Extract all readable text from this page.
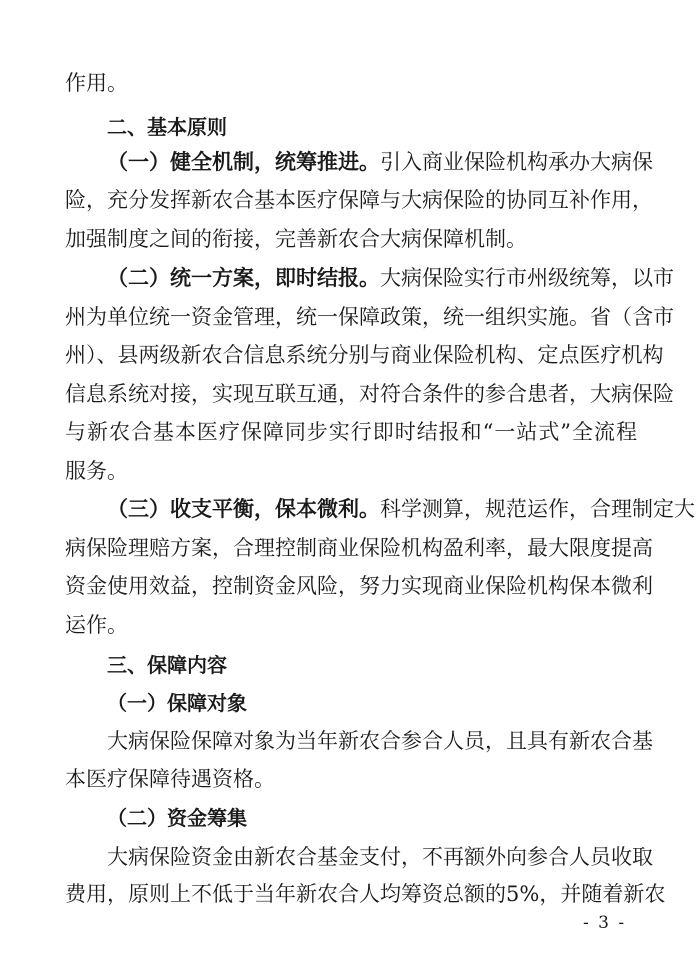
作用。
二、基本原则
（一）健全机制，统筹推进。引入商业保险机构承办大病保
险，充分发挥新农合基本医疗保障与大病保险的协同互补作用，
加强制度之间的衔接，完善新农合大病保障机制。
（二）统一方案，即时结报。大病保险实行市州级统筹，以市
州为单位统一资金管理，统一保障政策，统一组织实施。省（含市
州）、县两级新农合信息系统分别与商业保险机构、定点医疗机构
信息系统对接，实现互联互通，对符合条件的参合患者，大病保险
与新农合基本医疗保障同步实行即时结报和“一站式”全流程
服务。
（三）收支平衡，保本微利。科学测算，规范运作，合理制定大
病保险理赔方案，合理控制商业保险机构盈利率，最大限度提高
资金使用效益，控制资金风险，努力实现商业保险机构保本微利
运作。
三、保障内容
（一）保障对象
大病保险保障对象为当年新农合参合人员，且具有新农合基
本医疗保障待遇资格。
（二）资金筹集
大病保险资金由新农合基金支付，不再额外向参合人员收取
费用，原则上不低于当年新农合人均筹资总额的5%，并随着新农
- 3 -
